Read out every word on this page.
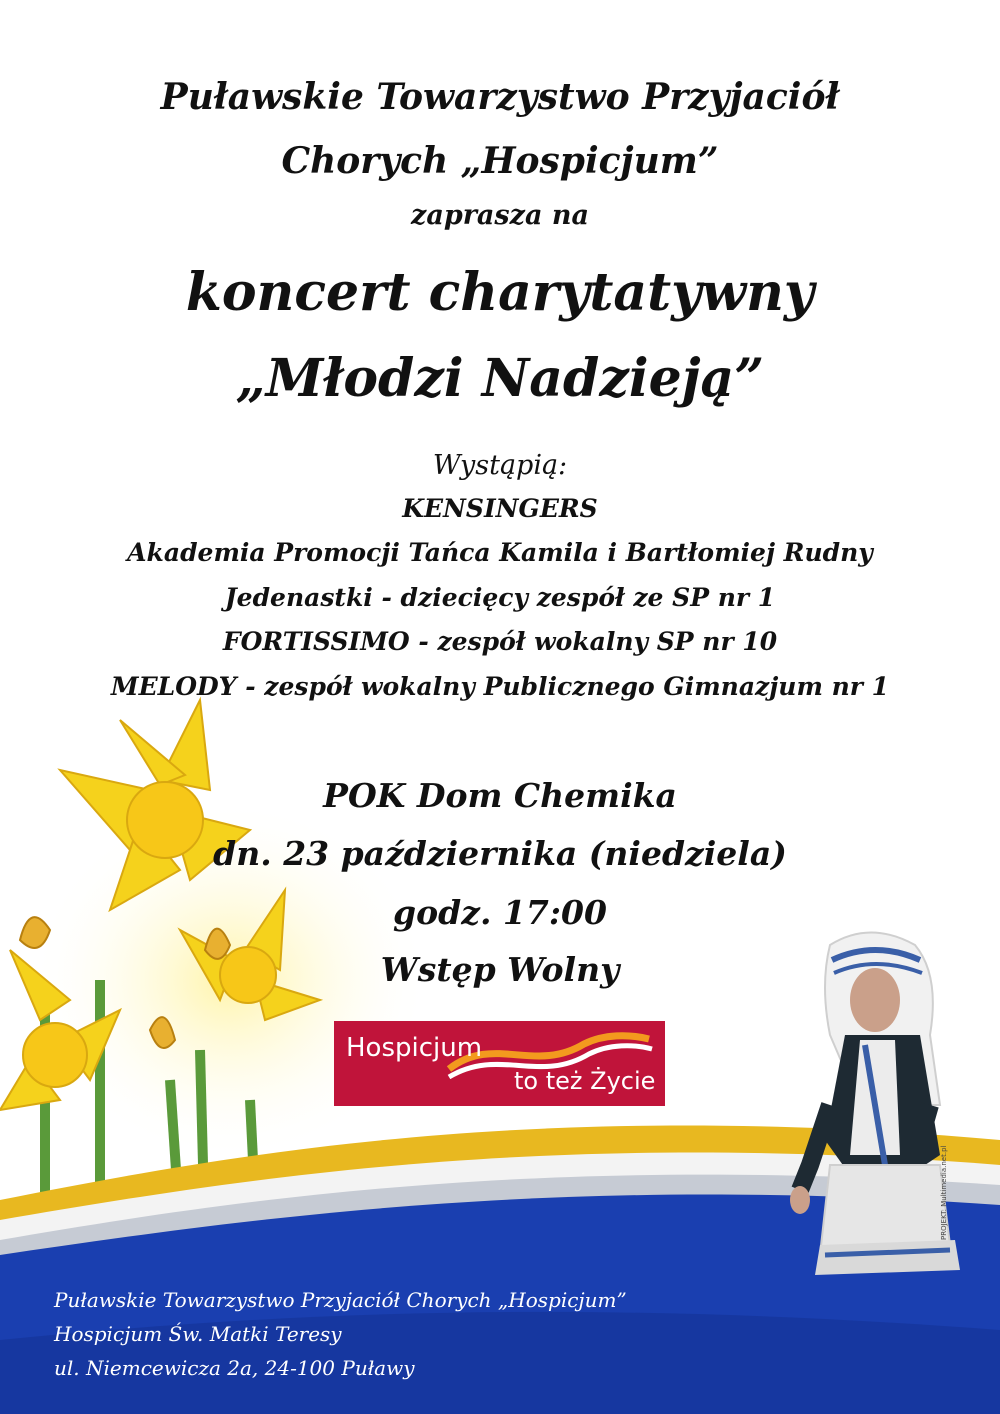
PROJEKT: Multimedia.net.pl
Puławskie Towarzystwo Przyjaciół
Chorych „Hospicjum”
zaprasza na
koncert charytatywny
„Młodzi Nadzieją”
Wystąpią:
KENSINGERS
Akademia Promocji Tańca Kamila i Bartłomiej Rudny
Jedenastki - dziecięcy zespół ze SP nr 1
FORTISSIMO - zespół wokalny SP nr 10
MELODY - zespół wokalny Publicznego Gimnazjum nr 1
POK Dom Chemika
dn. 23 października (niedziela)
godz. 17:00
Wstęp Wolny
Hospicjum
to też Życie
Puławskie Towarzystwo Przyjaciół Chorych „Hospicjum”
Hospicjum Św. Matki Teresy
ul. Niemcewicza 2a, 24-100 Puławy
